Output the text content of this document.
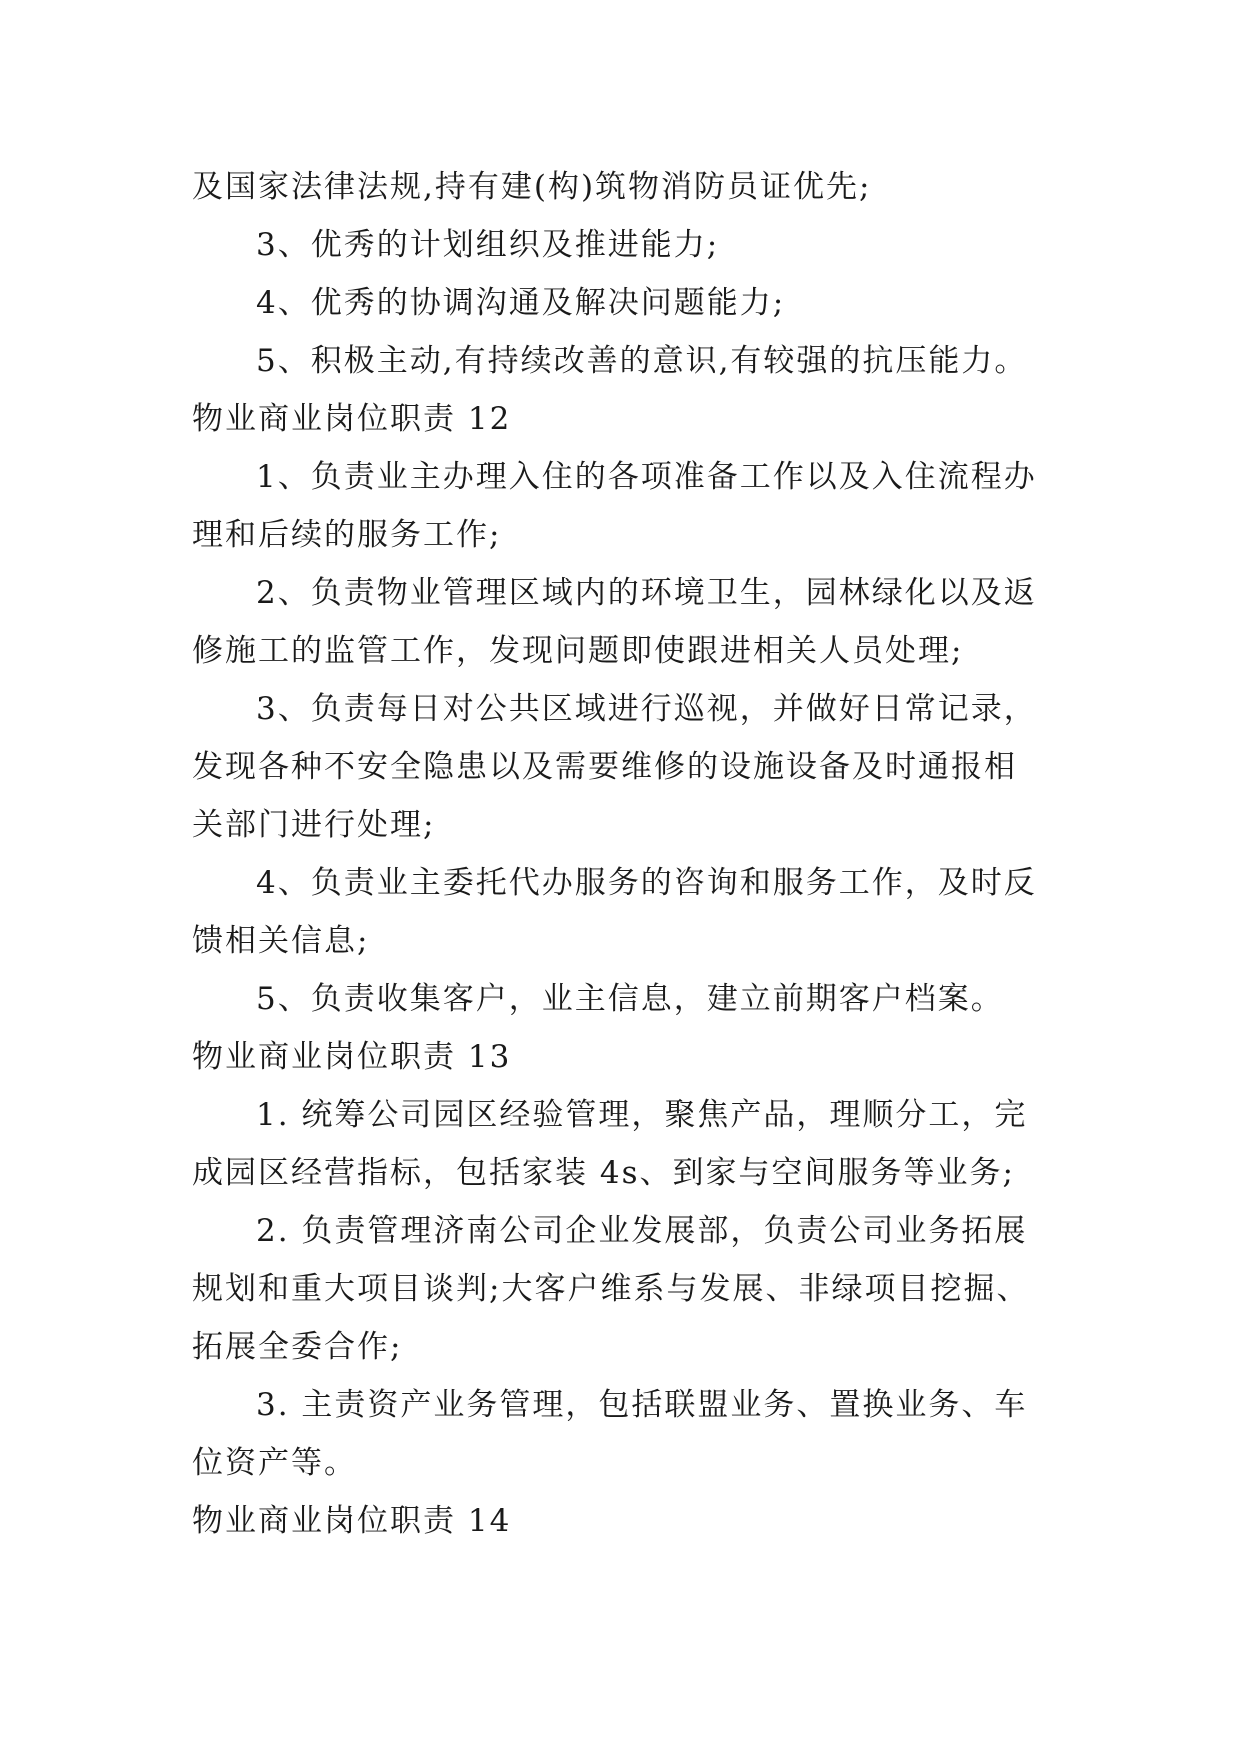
及国家法律法规,持有建(构)筑物消防员证优先;
3、优秀的计划组织及推进能力;
4、优秀的协调沟通及解决问题能力;
5、积极主动,有持续改善的意识,有较强的抗压能力。
物业商业岗位职责 12
1、负责业主办理入住的各项准备工作以及入住流程办
理和后续的服务工作;
2、负责物业管理区域内的环境卫生，园林绿化以及返
修施工的监管工作，发现问题即使跟进相关人员处理;
3、负责每日对公共区域进行巡视，并做好日常记录，
发现各种不安全隐患以及需要维修的设施设备及时通报相
关部门进行处理;
4、负责业主委托代办服务的咨询和服务工作，及时反
馈相关信息;
5、负责收集客户，业主信息，建立前期客户档案。
物业商业岗位职责 13
1. 统筹公司园区经验管理，聚焦产品，理顺分工，完
成园区经营指标，包括家装 4s、到家与空间服务等业务;
2. 负责管理济南公司企业发展部，负责公司业务拓展
规划和重大项目谈判;大客户维系与发展、非绿项目挖掘、
拓展全委合作;
3. 主责资产业务管理，包括联盟业务、置换业务、车
位资产等。
物业商业岗位职责 14
